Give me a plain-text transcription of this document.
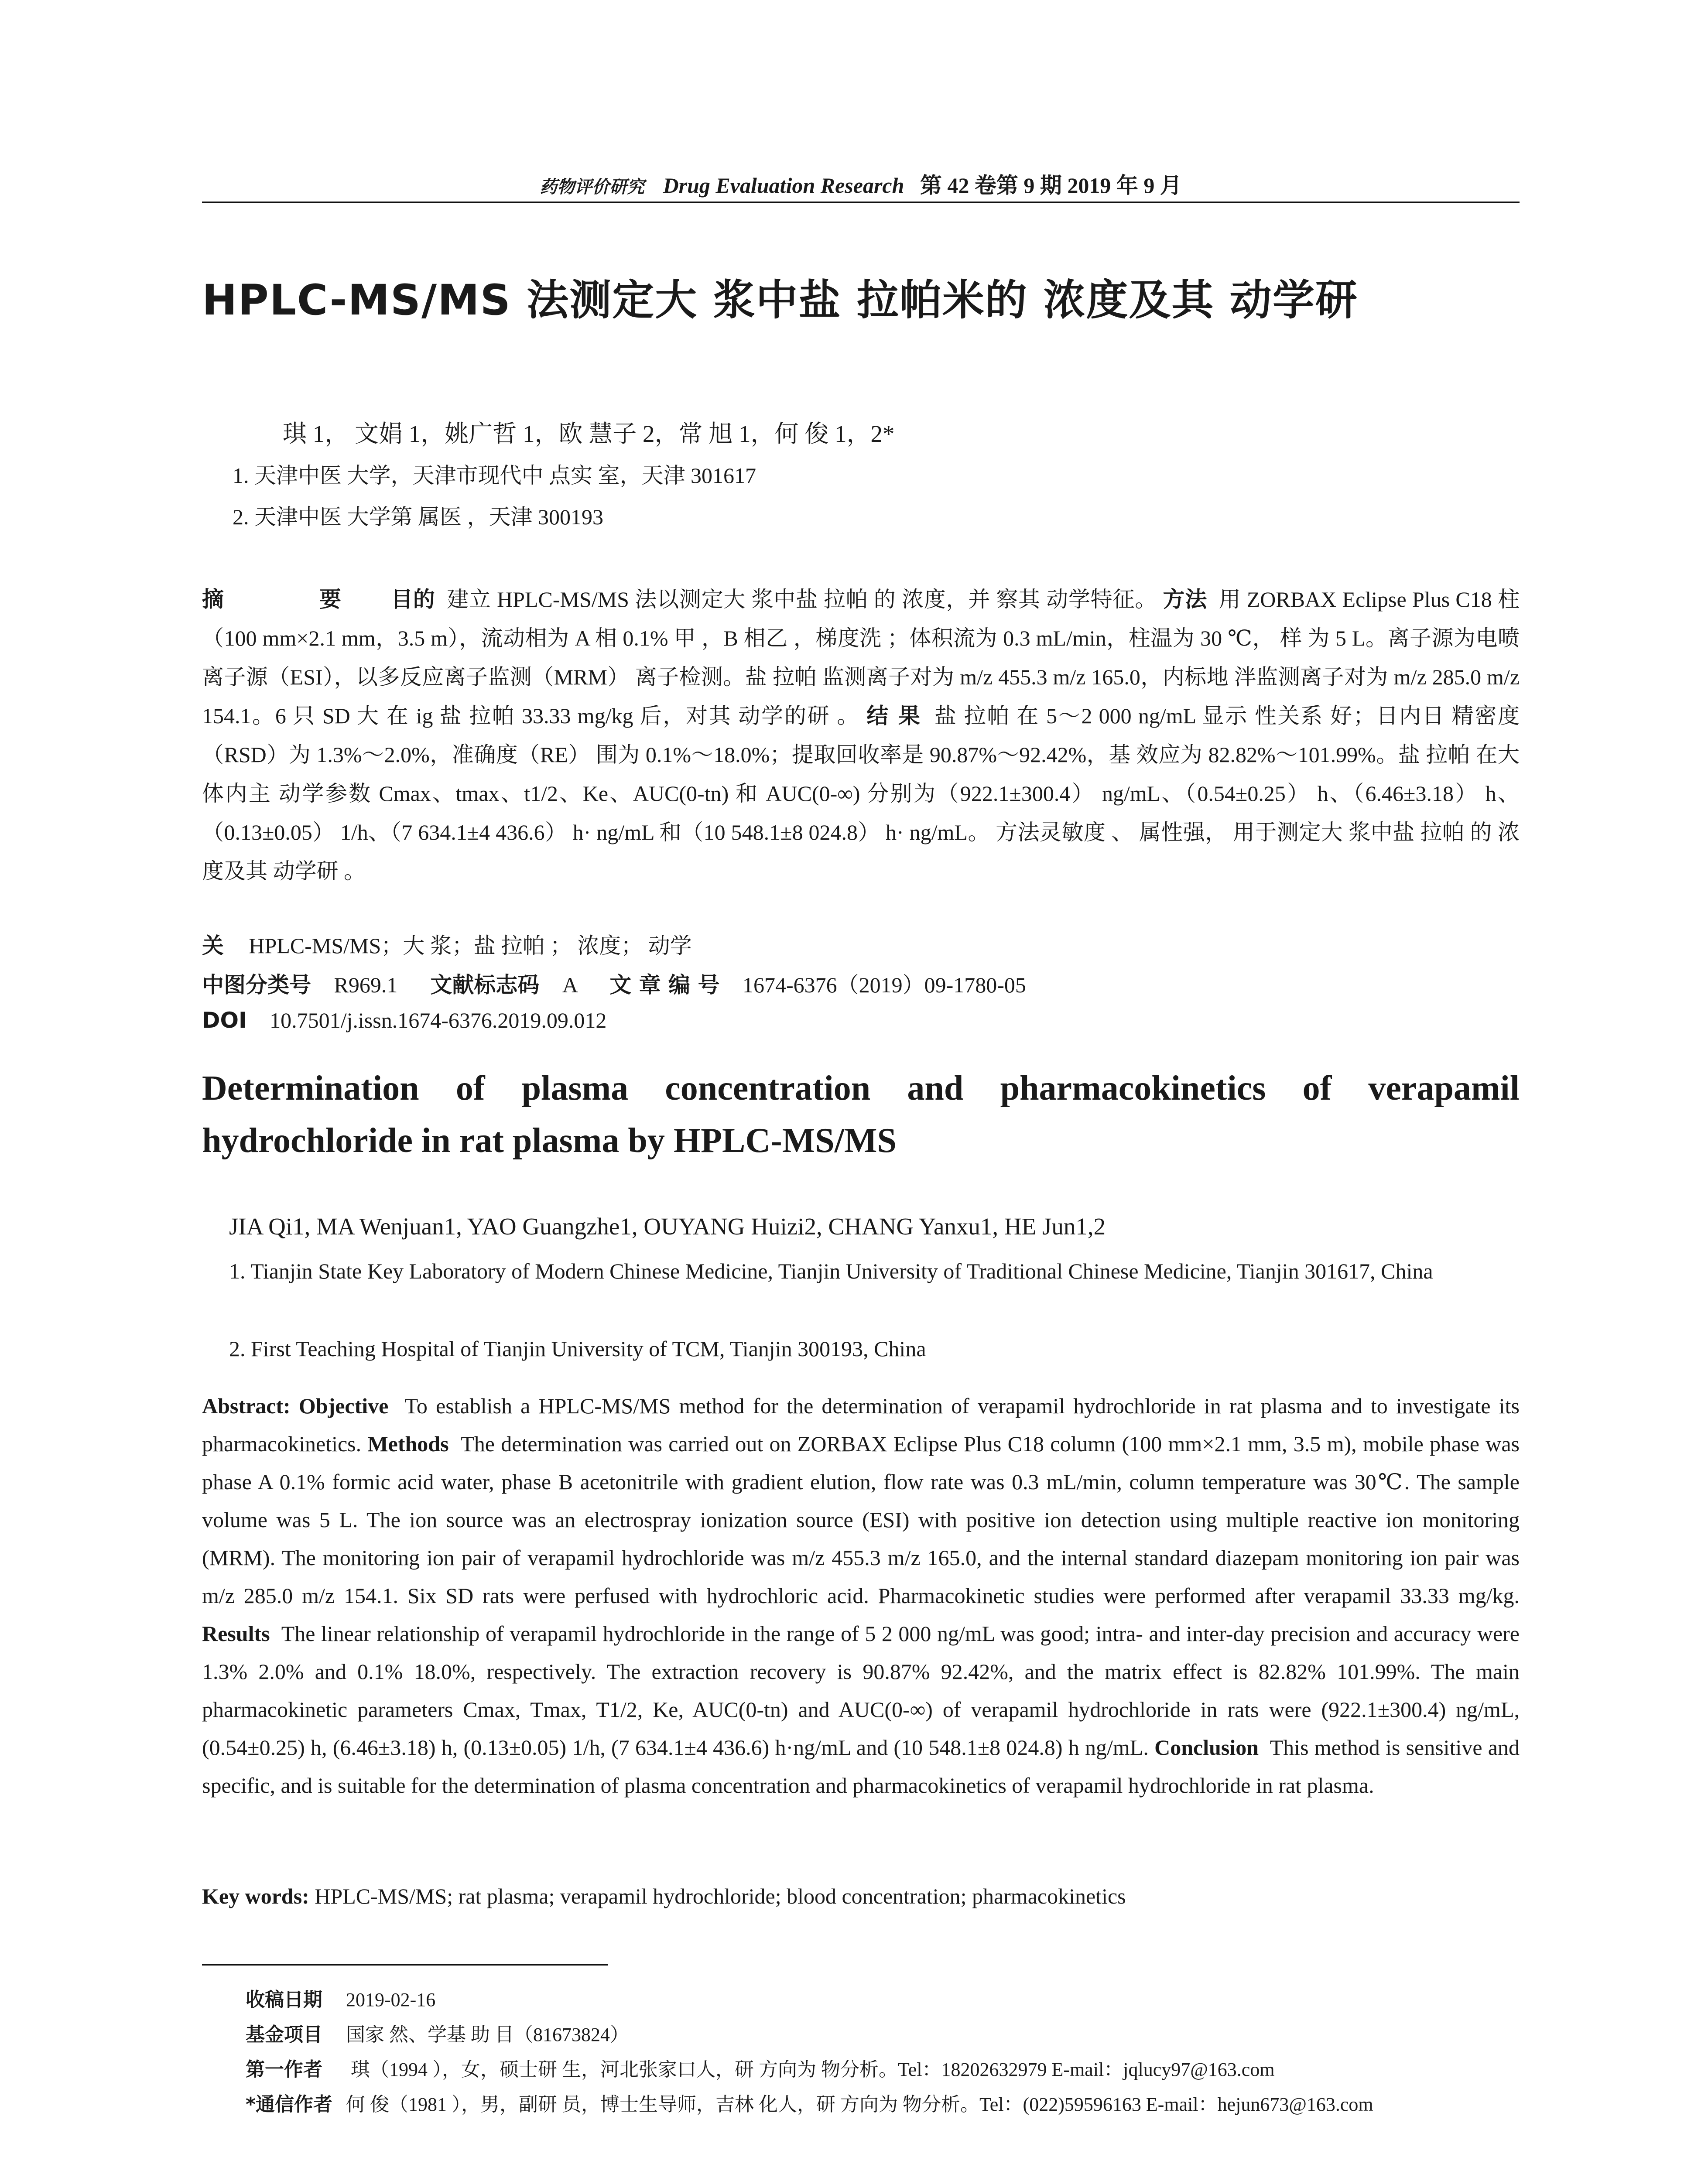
药物评价研究 Drug Evaluation Research 第 42 卷第 9 期 2019 年 9 月
HPLC-MS/MS 法测定大 浆中盐 拉帕米的 浓度及其 动学研
琪 1， 文娟 1，姚广哲 1，欧 慧子 2，常 旭 1，何 俊 1，2*
1. 天津中医 大学，天津市现代中 点实 室，天津 301617
2. 天津中医 大学第 属医 ，天津 300193
摘 要 目的 建立 HPLC-MS/MS 法以测定大 浆中盐 拉帕 的 浓度，并 察其 动学特征。 方法 用 ZORBAX Eclipse Plus C18 柱（100 mm×2.1 mm，3.5 m），流动相为 A 相 0.1% 甲 ，B 相乙 ，梯度洗 ；体积流为 0.3 mL/min，柱温为 30 ℃， 样 为 5 L。离子源为电喷 离子源（ESI），以多反应离子监测（MRM） 离子检测。盐 拉帕 监测离子对为 m/z 455.3 m/z 165.0，内标地 泮监测离子对为 m/z 285.0 m/z 154.1。6 只 SD 大 在 ig 盐 拉帕 33.33 mg/kg 后，对其 动学的研 。 结 果 盐 拉帕 在 5～2 000 ng/mL 显示 性关系 好；日内日 精密度（RSD）为 1.3%～2.0%，准确度（RE） 围为 0.1%～18.0%；提取回收率是 90.87%～92.42%，基 效应为 82.82%～101.99%。盐 拉帕 在大 体内主 动学参数 Cmax、tmax、t1/2、Ke、AUC(0-tn) 和 AUC(0-∞) 分别为（922.1±300.4） ng/mL、（0.54±0.25） h、（6.46±3.18） h、（0.13±0.05） 1/h、（7 634.1±4 436.6） h· ng/mL 和（10 548.1±8 024.8） h· ng/mL。 方法灵敏度 、 属性强， 用于测定大 浆中盐 拉帕 的 浓度及其 动学研 。
关 HPLC-MS/MS；大 浆；盐 拉帕 ； 浓度； 动学
中图分类号 R969.1 文献标志码 A 文 章 编 号 1674-6376（2019）09-1780-05
DOI 10.7501/j.issn.1674-6376.2019.09.012
Determination of plasma concentration and pharmacokinetics of verapamil hydrochloride in rat plasma by HPLC-MS/MS
JIA Qi1, MA Wenjuan1, YAO Guangzhe1, OUYANG Huizi2, CHANG Yanxu1, HE Jun1,2
1. Tianjin State Key Laboratory of Modern Chinese Medicine, Tianjin University of Traditional Chinese Medicine, Tianjin 301617, China
2. First Teaching Hospital of Tianjin University of TCM, Tianjin 300193, China
Abstract: Objective To establish a HPLC-MS/MS method for the determination of verapamil hydrochloride in rat plasma and to investigate its pharmacokinetics. Methods The determination was carried out on ZORBAX Eclipse Plus C18 column (100 mm×2.1 mm, 3.5 m), mobile phase was phase A 0.1% formic acid water, phase B acetonitrile with gradient elution, flow rate was 0.3 mL/min, column temperature was 30℃. The sample volume was 5 L. The ion source was an electrospray ionization source (ESI) with positive ion detection using multiple reactive ion monitoring (MRM). The monitoring ion pair of verapamil hydrochloride was m/z 455.3 m/z 165.0, and the internal standard diazepam monitoring ion pair was m/z 285.0 m/z 154.1. Six SD rats were perfused with hydrochloric acid. Pharmacokinetic studies were performed after verapamil 33.33 mg/kg. Results The linear relationship of verapamil hydrochloride in the range of 5 2 000 ng/mL was good; intra- and inter-day precision and accuracy were 1.3% 2.0% and 0.1% 18.0%, respectively. The extraction recovery is 90.87% 92.42%, and the matrix effect is 82.82% 101.99%. The main pharmacokinetic parameters Cmax, Tmax, T1/2, Ke, AUC(0-tn) and AUC(0-∞) of verapamil hydrochloride in rats were (922.1±300.4) ng/mL, (0.54±0.25) h, (6.46±3.18) h, (0.13±0.05) 1/h, (7 634.1±4 436.6) h·ng/mL and (10 548.1±8 024.8) h ng/mL. Conclusion This method is sensitive and specific, and is suitable for the determination of plasma concentration and pharmacokinetics of verapamil hydrochloride in rat plasma.
Key words: HPLC-MS/MS; rat plasma; verapamil hydrochloride; blood concentration; pharmacokinetics
收稿日期 2019-02-16
基金项目 国家 然、学基 助 目（81673824）
第一作者 琪（1994 ），女，硕士研 生，河北张家口人，研 方向为 物分析。Tel：18202632979 E-mail：jqlucy97@163.com
*通信作者 何 俊（1981 ），男，副研 员，博士生导师，吉林 化人，研 方向为 物分析。Tel：(022)59596163 E-mail：hejun673@163.com
